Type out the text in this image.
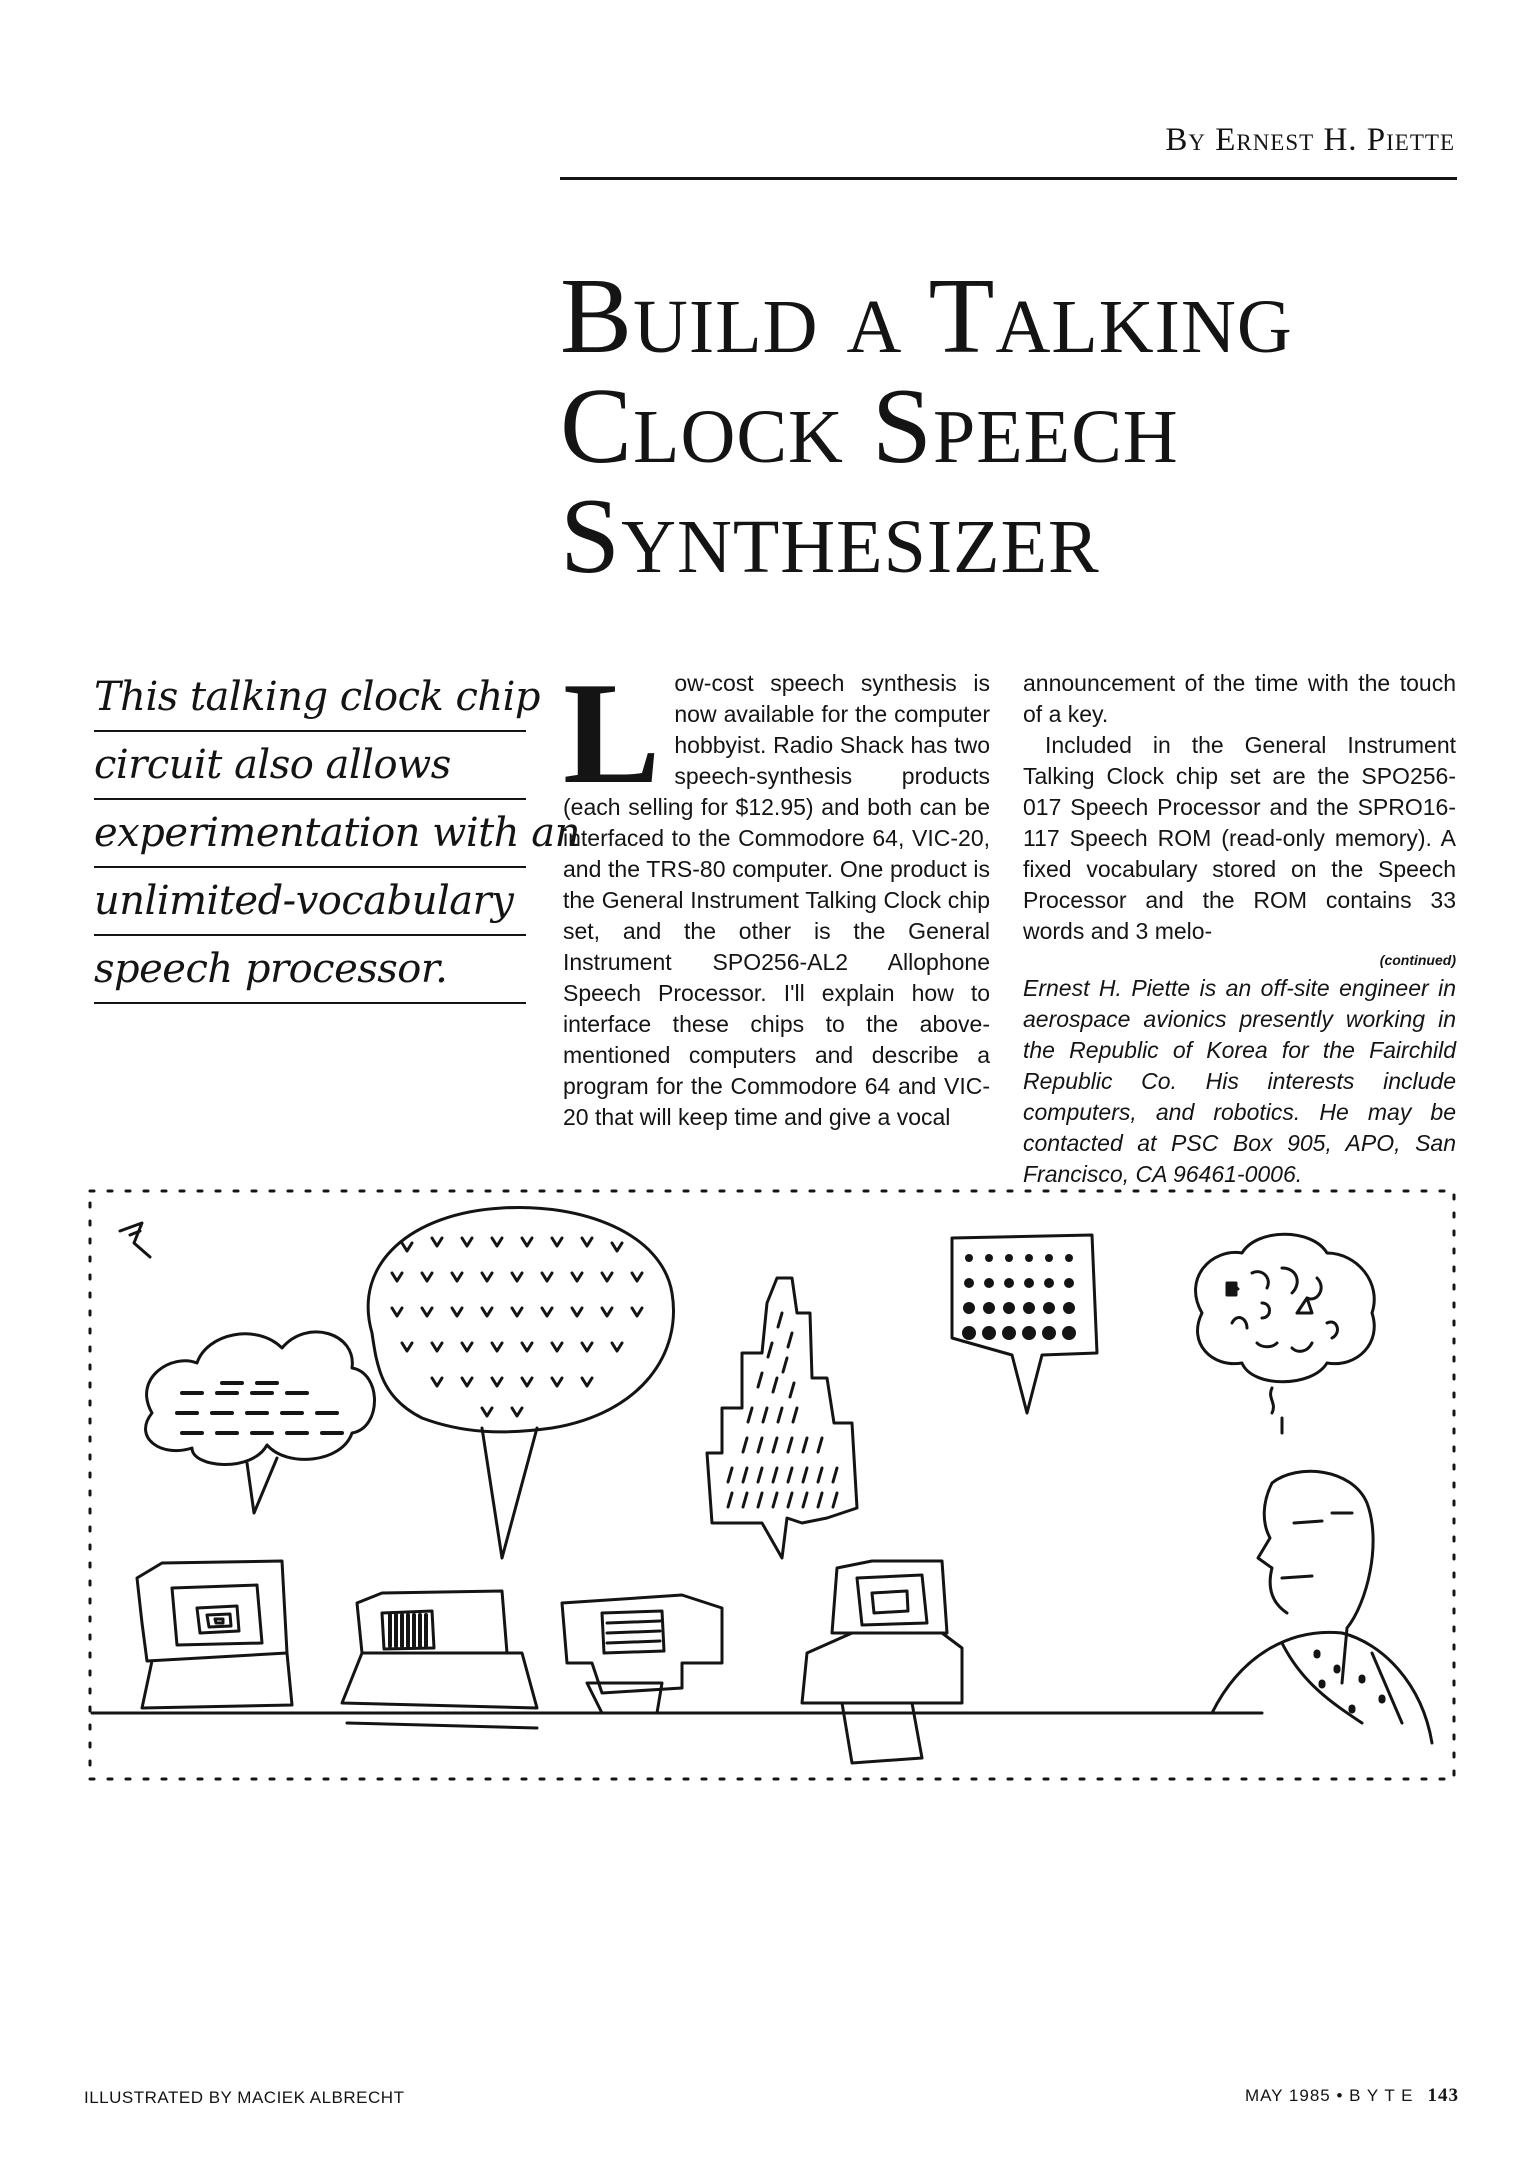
By Ernest H. Piette
Build a Talking
Clock Speech
Synthesizer
This talking clock chip
circuit also allows
experimentation with an
unlimited-vocabulary
speech processor.

Low-cost speech synthesis is now available for the computer hobbyist. Radio Shack has two speech-synthesis products (each selling for $12.95) and both can be interfaced to the Commodore 64, VIC-20, and the TRS-80 computer. One product is the General Instrument Talking Clock chip set, and the other is the General Instrument SPO256-AL2 Allophone Speech Processor. I'll explain how to interface these chips to the above-mentioned computers and describe a program for the Commodore 64 and VIC-20 that will keep time and give a vocal

announcement of the time with the touch of a key.

Included in the General Instrument Talking Clock chip set are the SPO256-017 Speech Processor and the SPRO16-117 Speech ROM (read-only memory). A fixed vocabulary stored on the Speech Processor and the ROM contains 33 words and 3 melo-

(continued)

Ernest H. Piette is an off-site engineer in aerospace avionics presently working in the Republic of Korea for the Fairchild Republic Co. His interests include computers, and robotics. He may be contacted at PSC Box 905, APO, San Francisco, CA 96461-0006.

ILLUSTRATED BY MACIEK ALBRECHT	MAY 1985 • B Y T E 143
